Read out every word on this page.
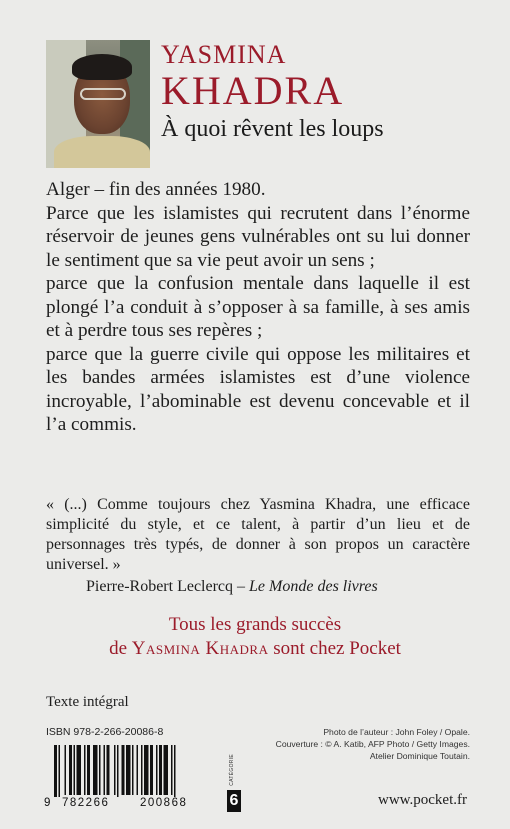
YASMINA
KHADRA
À quoi rêvent les loups

Alger – fin des années 1980.

Parce que les islamistes qui recrutent dans l’énorme réservoir de jeunes gens vulnérables ont su lui donner le sentiment que sa vie peut avoir un sens ;

parce que la confusion mentale dans laquelle il est plongé l’a conduit à s’opposer à sa famille, à ses amis et à perdre tous ses repères ;

parce que la guerre civile qui oppose les militaires et les bandes armées islamistes est d’une violence incroyable, l’abominable est devenu concevable et il l’a commis.

« (...) Comme toujours chez Yasmina Khadra, une efficace simplicité du style, et ce talent, à partir d’un lieu et de personnages très typés, de donner à son propos un caractère universel. »

Pierre-Robert Leclercq – Le Monde des livres
Tous les grands succès
de Yasmina Khadra sont chez Pocket
Texte intégral
ISBN 978-2-266-20086-8
9 782266	200868
CATÉGORIE
6
Photo de l’auteur : John Foley / Opale.
Couverture : © A. Katib, AFP Photo / Getty Images.
Atelier Dominique Toutain.
www.pocket.fr
